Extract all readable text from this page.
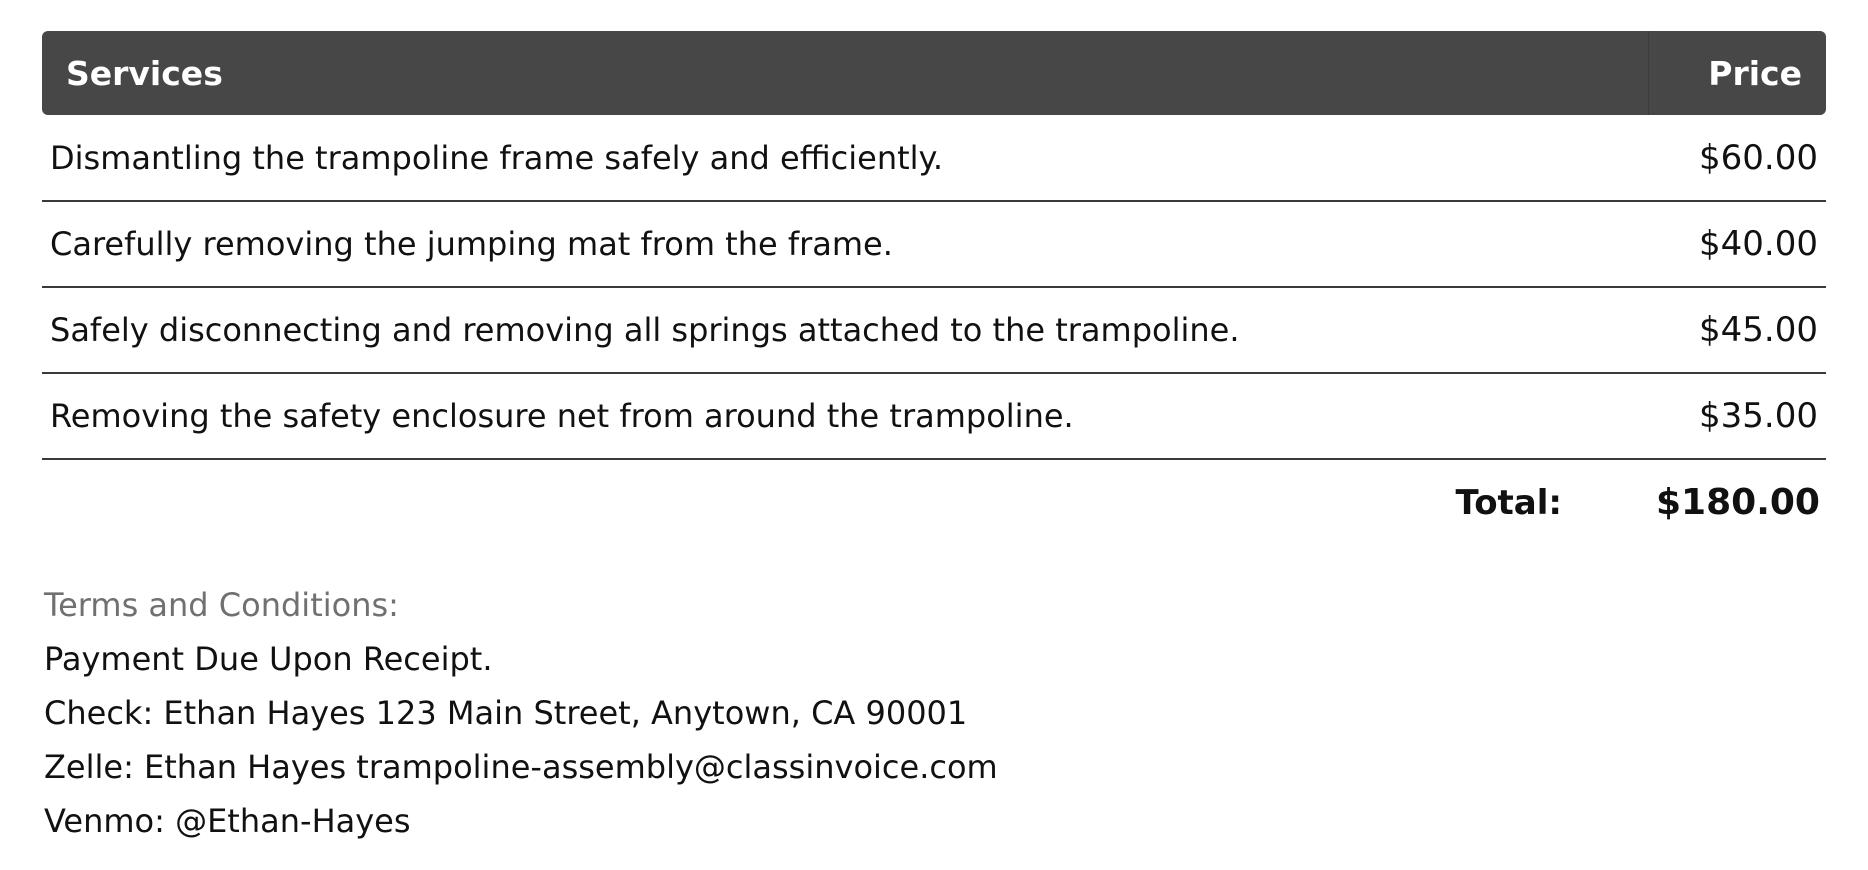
Services	Price
Dismantling the trampoline frame safely and efficiently.	$60.00
Carefully removing the jumping mat from the frame.	$40.00
Safely disconnecting and removing all springs attached to the trampoline.	$45.00
Removing the safety enclosure net from around the trampoline.	$35.00
Total:	$180.00
Terms and Conditions:
Payment Due Upon Receipt.
Check: Ethan Hayes 123 Main Street, Anytown, CA 90001
Zelle: Ethan Hayes trampoline-assembly@classinvoice.com
Venmo: @Ethan-Hayes
